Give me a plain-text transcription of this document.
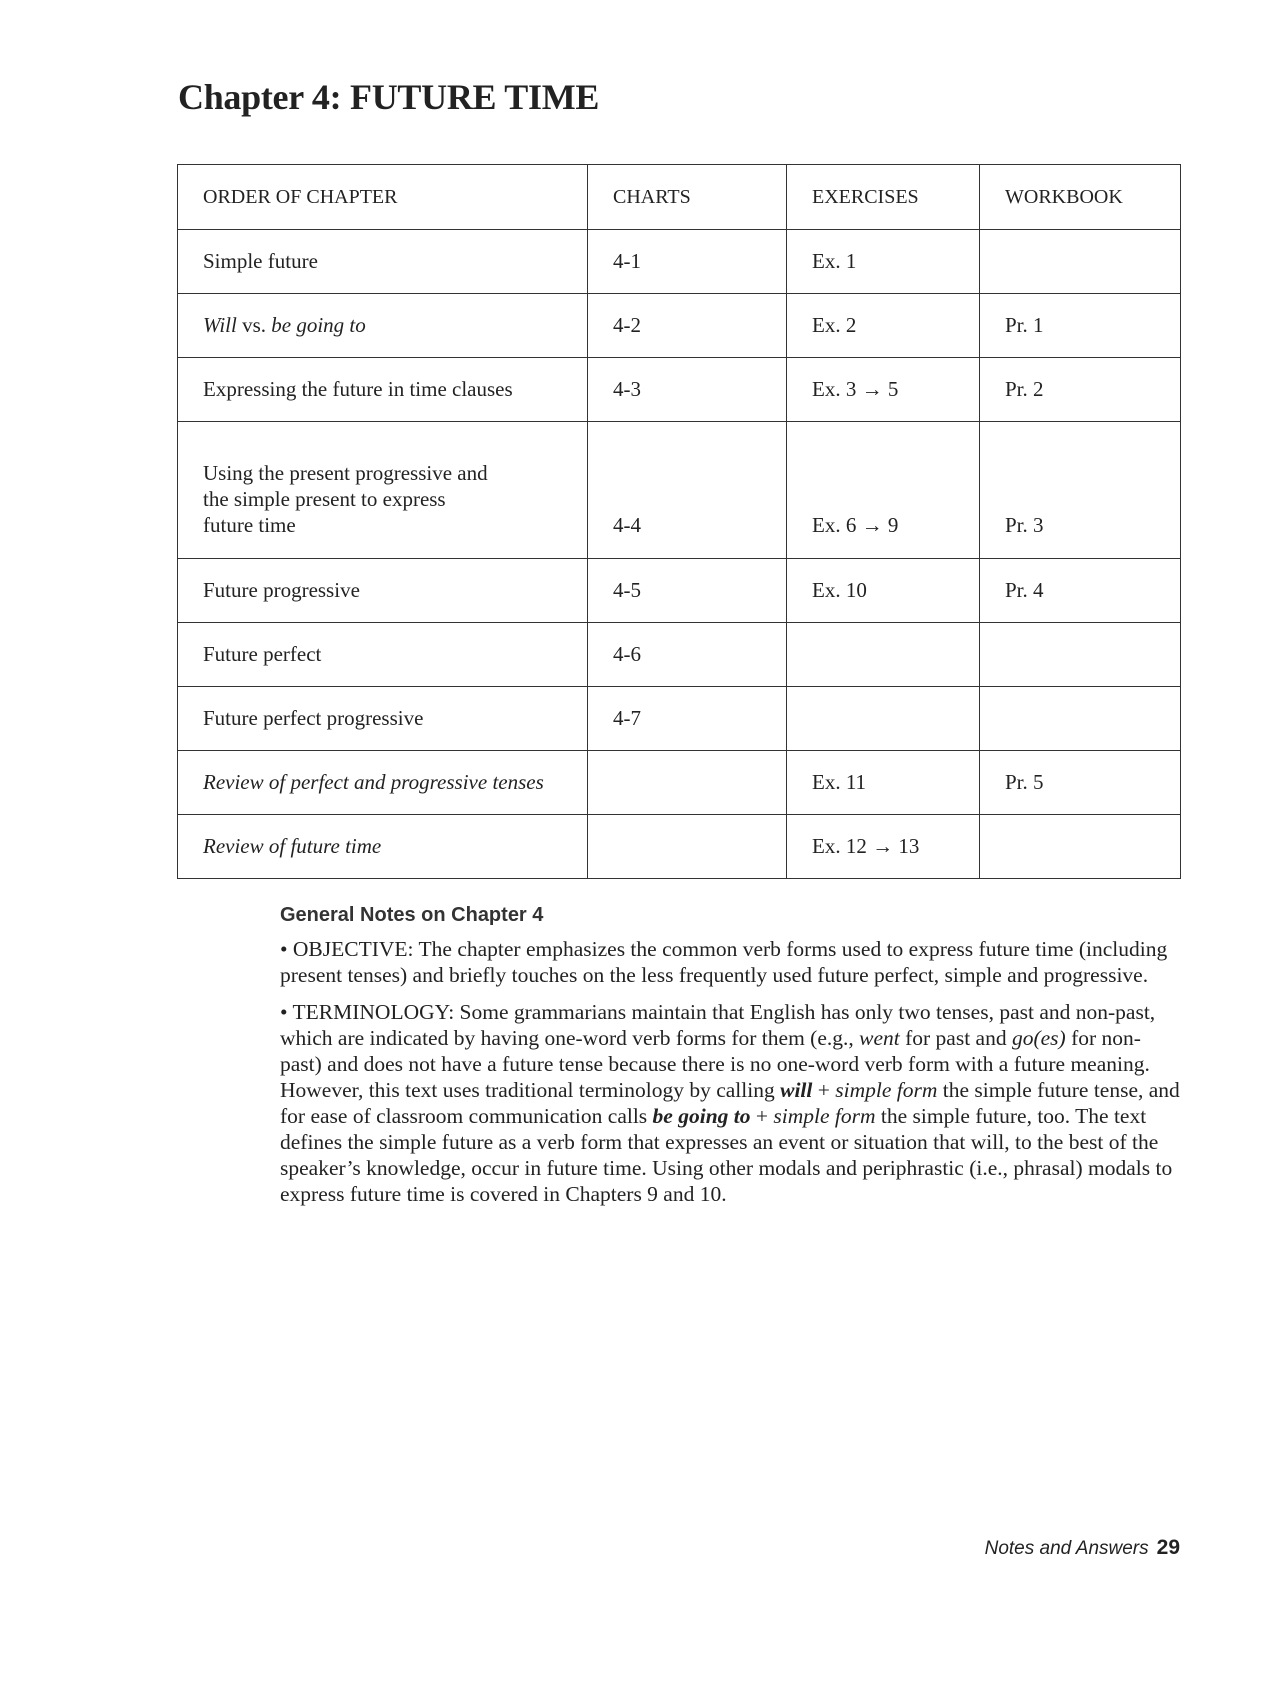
Chapter 4: FUTURE TIME
ORDER OF CHAPTER	CHARTS	EXERCISES	WORKBOOK
Simple future	4-1	Ex. 1	
Will vs. be going to	4-2	Ex. 2	Pr. 1
Expressing the future in time clauses	4-3	Ex. 3 → 5	Pr. 2

Using the present progressive and
the simple present to express
future time	4-4	Ex. 6 → 9	Pr. 3
Future progressive	4-5	Ex. 10	Pr. 4
Future perfect	4-6		
Future perfect progressive	4-7		
Review of perfect and progressive tenses		Ex. 11	Pr. 5
Review of future time		Ex. 12 → 13	
General Notes on Chapter 4

• OBJECTIVE: The chapter emphasizes the common verb forms used to express future time (including present tenses) and briefly touches on the less frequently used future perfect, simple and progressive.

• TERMINOLOGY: Some grammarians maintain that English has only two tenses, past and non-past, which are indicated by having one-word verb forms for them (e.g., went for past and go(es) for non-past) and does not have a future tense because there is no one-word verb form with a future meaning. However, this text uses traditional terminology by calling will + simple form the simple future tense, and for ease of classroom communication calls be going to + simple form the simple future, too. The text defines the simple future as a verb form that expresses an event or situation that will, to the best of the speaker’s knowledge, occur in future time. Using other modals and periphrastic (i.e., phrasal) modals to express future time is covered in Chapters 9 and 10.

Notes and Answers 29
